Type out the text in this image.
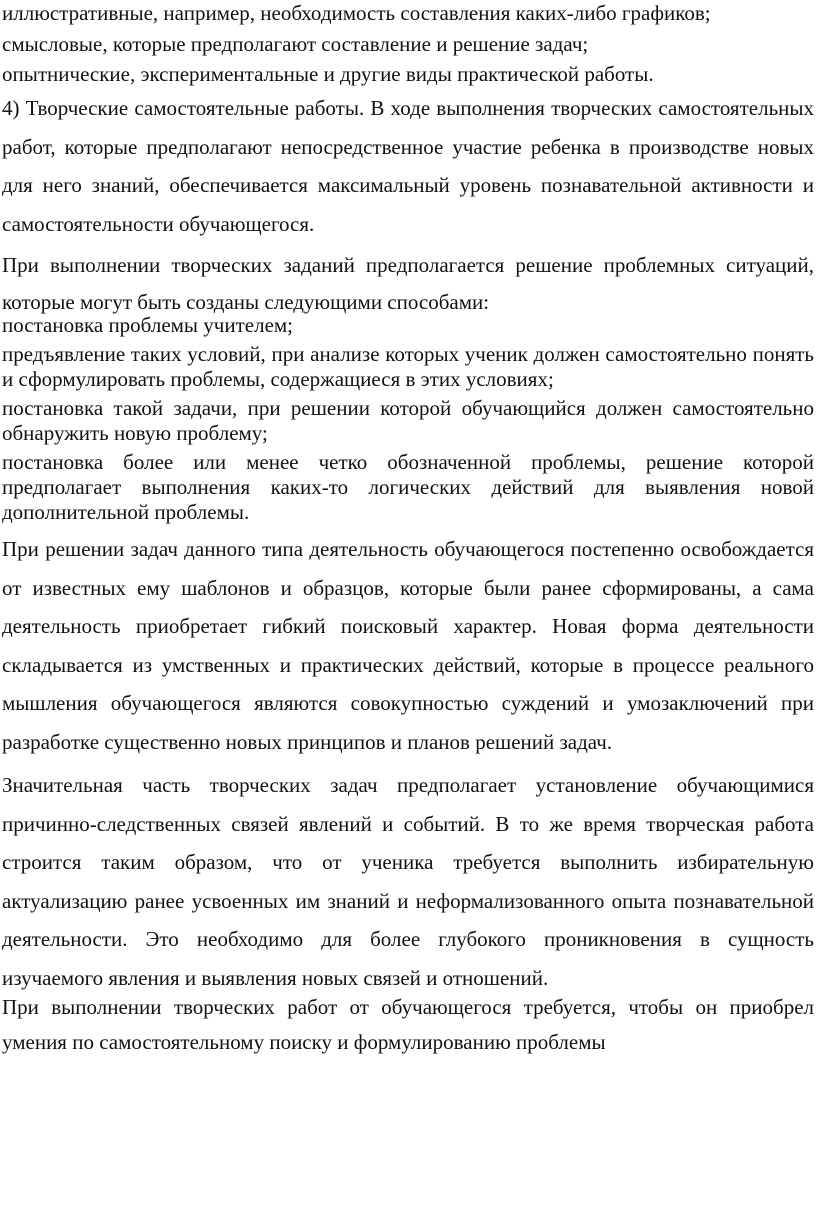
иллюстративные, например, необходимость составления каких-либо графиков;

смысловые, которые предполагают составление и решение задач;

опытнические, экспериментальные и другие виды практической работы.

4) Творческие самостоятельные работы. В ходе выполнения творческих самостоятельных работ, которые предполагают непосредственное участие ребенка в производстве новых для него знаний, обеспечивается максимальный уровень познавательной активности и самостоятельности обучающегося.

При выполнении творческих заданий предполагается решение проблемных ситуаций, которые могут быть созданы следующими способами:

постановка проблемы учителем;

предъявление таких условий, при анализе которых ученик должен самостоятельно понять и сформулировать проблемы, содержащиеся в этих условиях;

постановка такой задачи, при решении которой обучающийся должен самостоятельно обнаружить новую проблему;

постановка более или менее четко обозначенной проблемы, решение которой предполагает выполнения каких-то логических действий для выявления новой дополнительной проблемы.

При решении задач данного типа деятельность обучающегося постепенно освобождается от известных ему шаблонов и образцов, которые были ранее сформированы, а сама деятельность приобретает гибкий поисковый характер. Новая форма деятельности складывается из умственных и практических действий, которые в процессе реального мышления обучающегося являются совокупностью суждений и умозаключений при разработке существенно новых принципов и планов решений задач.

Значительная часть творческих задач предполагает установление обучающимися причинно-следственных связей явлений и событий. В то же время творческая работа строится таким образом, что от ученика требуется выполнить избирательную актуализацию ранее усвоенных им знаний и неформализованного опыта познавательной деятельности. Это необходимо для более глубокого проникновения в сущность изучаемого явления и выявления новых связей и отношений.

При выполнении творческих работ от обучающегося требуется, чтобы он приобрел умения по самостоятельному поиску и формулированию проблемы
